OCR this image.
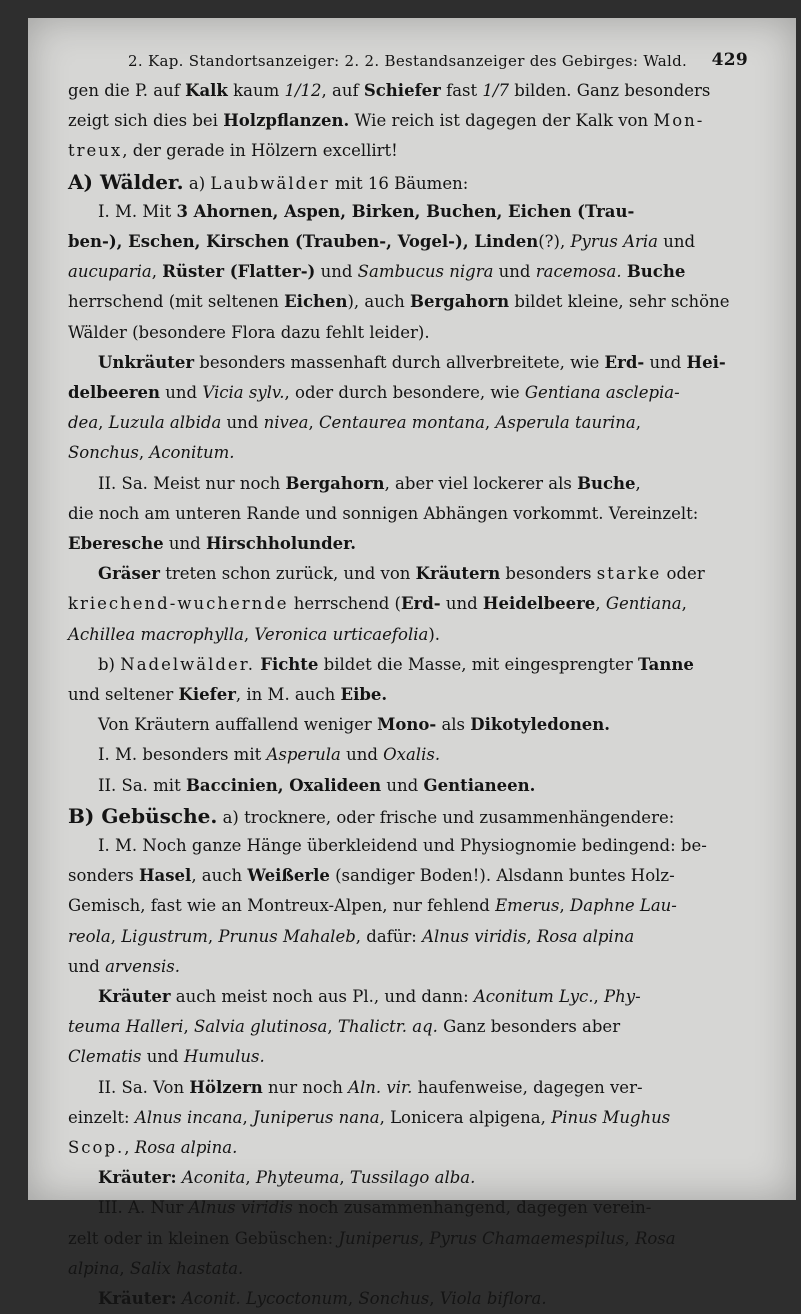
2. Kap. Standortsanzeiger: 2. 2. Bestandsanzeiger des Gebirges: Wald. 429
gen die P. auf Kalk kaum 1/12, auf Schiefer fast 1/7 bilden. Ganz besonders
zeigt sich dies bei Holzpflanzen. Wie reich ist dagegen der Kalk von Mon-
treux, der gerade in Hölzern excellirt!
A) Wälder. a) Laubwälder mit 16 Bäumen:
I. M. Mit 3 Ahornen, Aspen, Birken, Buchen, Eichen (Trau-
ben-), Eschen, Kirschen (Trauben-, Vogel-), Linden(?), Pyrus Aria und
aucuparia, Rüster (Flatter-) und Sambucus nigra und racemosa. Buche
herrschend (mit seltenen Eichen), auch Bergahorn bildet kleine, sehr schöne
Wälder (besondere Flora dazu fehlt leider).
Unkräuter besonders massenhaft durch allverbreitete, wie Erd- und Hei-
delbeeren und Vicia sylv., oder durch besondere, wie Gentiana asclepia-
dea, Luzula albida und nivea, Centaurea montana, Asperula taurina,
Sonchus, Aconitum.
II. Sa. Meist nur noch Bergahorn, aber viel lockerer als Buche,
die noch am unteren Rande und sonnigen Abhängen vorkommt. Vereinzelt:
Eberesche und Hirschholunder.
Gräser treten schon zurück, und von Kräutern besonders starke oder
kriechend-wuchernde herrschend (Erd- und Heidelbeere, Gentiana,
Achillea macrophylla, Veronica urticaefolia).
b) Nadelwälder. Fichte bildet die Masse, mit eingesprengter Tanne
und seltener Kiefer, in M. auch Eibe.
Von Kräutern auffallend weniger Mono- als Dikotyledonen.
I. M. besonders mit Asperula und Oxalis.
II. Sa. mit Baccinien, Oxalideen und Gentianeen.
B) Gebüsche. a) trocknere, oder frische und zusammenhängendere:
I. M. Noch ganze Hänge überkleidend und Physiognomie bedingend: be-
sonders Hasel, auch Weißerle (sandiger Boden!). Alsdann buntes Holz-
Gemisch, fast wie an Montreux-Alpen, nur fehlend Emerus, Daphne Lau-
reola, Ligustrum, Prunus Mahaleb, dafür: Alnus viridis, Rosa alpina
und arvensis.
Kräuter auch meist noch aus Pl., und dann: Aconitum Lyc., Phy-
teuma Halleri, Salvia glutinosa, Thalictr. aq. Ganz besonders aber
Clematis und Humulus.
II. Sa. Von Hölzern nur noch Aln. vir. haufenweise, dagegen ver-
einzelt: Alnus incana, Juniperus nana, Lonicera alpigena, Pinus Mughus
Scop., Rosa alpina.
Kräuter: Aconita, Phyteuma, Tussilago alba.
III. A. Nur Alnus viridis noch zusammenhangend, dagegen verein-
zelt oder in kleinen Gebüschen: Juniperus, Pyrus Chamaemespilus, Rosa
alpina, Salix hastata.
Kräuter: Aconit. Lycoctonum, Sonchus, Viola biflora.
